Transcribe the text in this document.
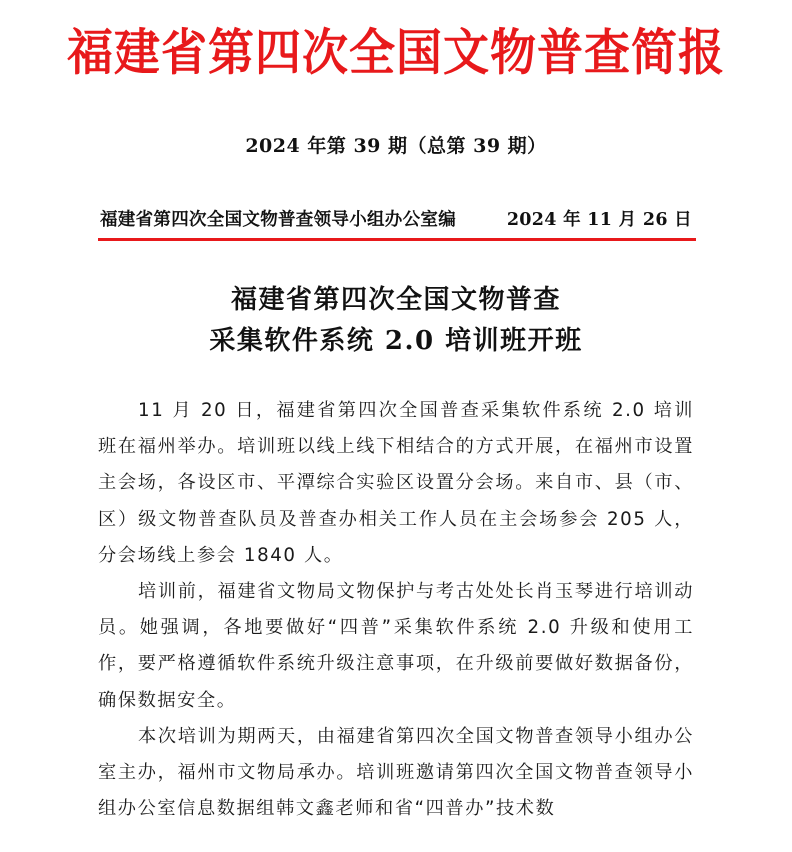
福建省第四次全国文物普查简报
2024 年第 39 期（总第 39 期）
福建省第四次全国文物普查领导小组办公室编	2024 年 11 月 26 日
福建省第四次全国文物普查
采集软件系统 2.0 培训班开班

11 月 20 日，福建省第四次全国普查采集软件系统 2.0 培训班在福州举办。培训班以线上线下相结合的方式开展，在福州市设置主会场，各设区市、平潭综合实验区设置分会场。来自市、县（市、区）级文物普查队员及普查办相关工作人员在主会场参会 205 人，分会场线上参会 1840 人。

培训前，福建省文物局文物保护与考古处处长肖玉琴进行培训动员。她强调，各地要做好“四普”采集软件系统 2.0 升级和使用工作，要严格遵循软件系统升级注意事项，在升级前要做好数据备份，确保数据安全。

本次培训为期两天，由福建省第四次全国文物普查领导小组办公室主办，福州市文物局承办。培训班邀请第四次全国文物普查领导小组办公室信息数据组韩文鑫老师和省“四普办”技术数
